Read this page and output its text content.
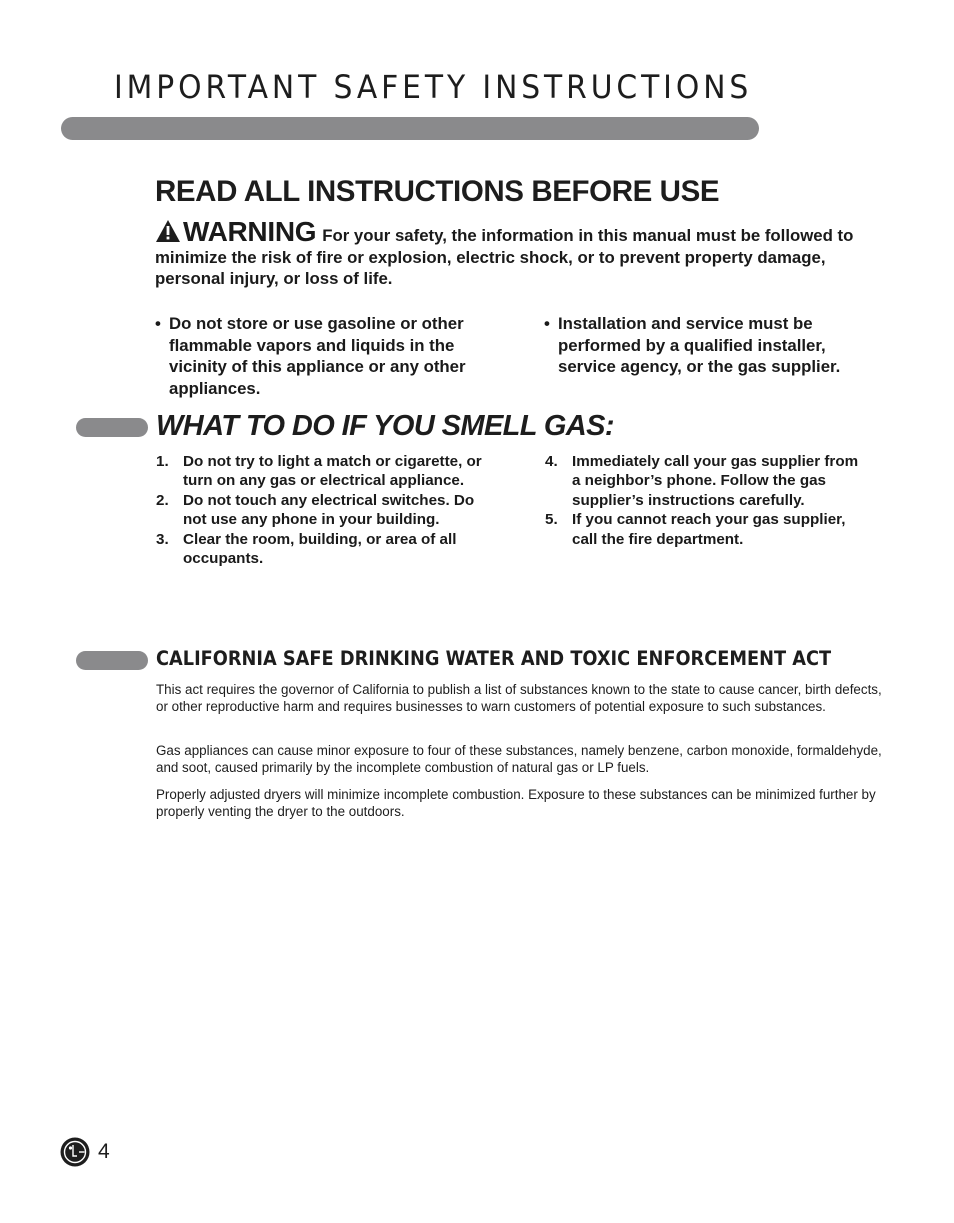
IMPORTANT SAFETY INSTRUCTIONS
READ ALL INSTRUCTIONS BEFORE USE
WARNING For your safety, the information in this manual must be followed to minimize the risk of fire or explosion, electric shock, or to prevent property damage, personal injury, or loss of life.
• Do not store or use gasoline or other flammable vapors and liquids in the vicinity of this appliance or any other appliances.
• Installation and service must be performed by a qualified installer, service agency, or the gas supplier.
WHAT TO DO IF YOU SMELL GAS:
1. Do not try to light a match or cigarette, or turn on any gas or electrical appliance.
2. Do not touch any electrical switches. Do not use any phone in your building.
3. Clear the room, building, or area of all occupants.
4. Immediately call your gas supplier from a neighbor’s phone. Follow the gas supplier’s instructions carefully.
5. If you cannot reach your gas supplier, call the fire department.
CALIFORNIA SAFE DRINKING WATER AND TOXIC ENFORCEMENT ACT

This act requires the governor of California to publish a list of substances known to the state to cause cancer, birth defects, or other reproductive harm and requires businesses to warn customers of potential exposure to such substances.

Gas appliances can cause minor exposure to four of these substances, namely benzene, carbon monoxide, formaldehyde, and soot, caused primarily by the incomplete combustion of natural gas or LP fuels.

Properly adjusted dryers will minimize incomplete combustion. Exposure to these substances can be minimized further by properly venting the dryer to the outdoors.

4
